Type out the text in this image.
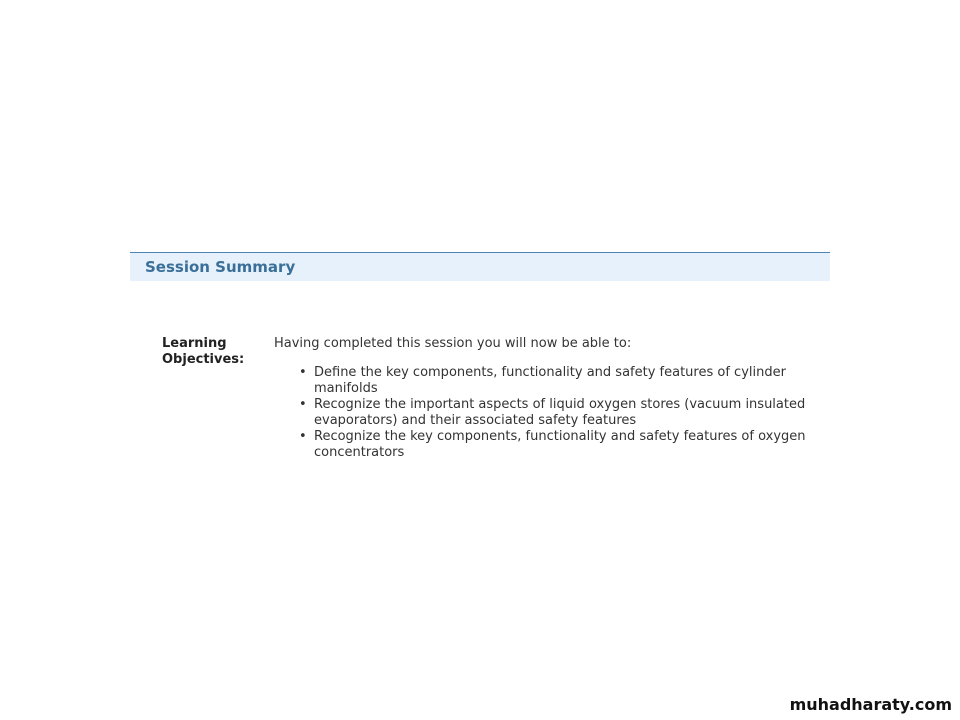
Session Summary
Learning
Objectives:
Having completed this session you will now be able to:
• Define the key components, functionality and safety features of cylinder manifolds
• Recognize the important aspects of liquid oxygen stores (vacuum insulated evaporators) and their associated safety features
• Recognize the key components, functionality and safety features of oxygen concentrators
muhadharaty.com
